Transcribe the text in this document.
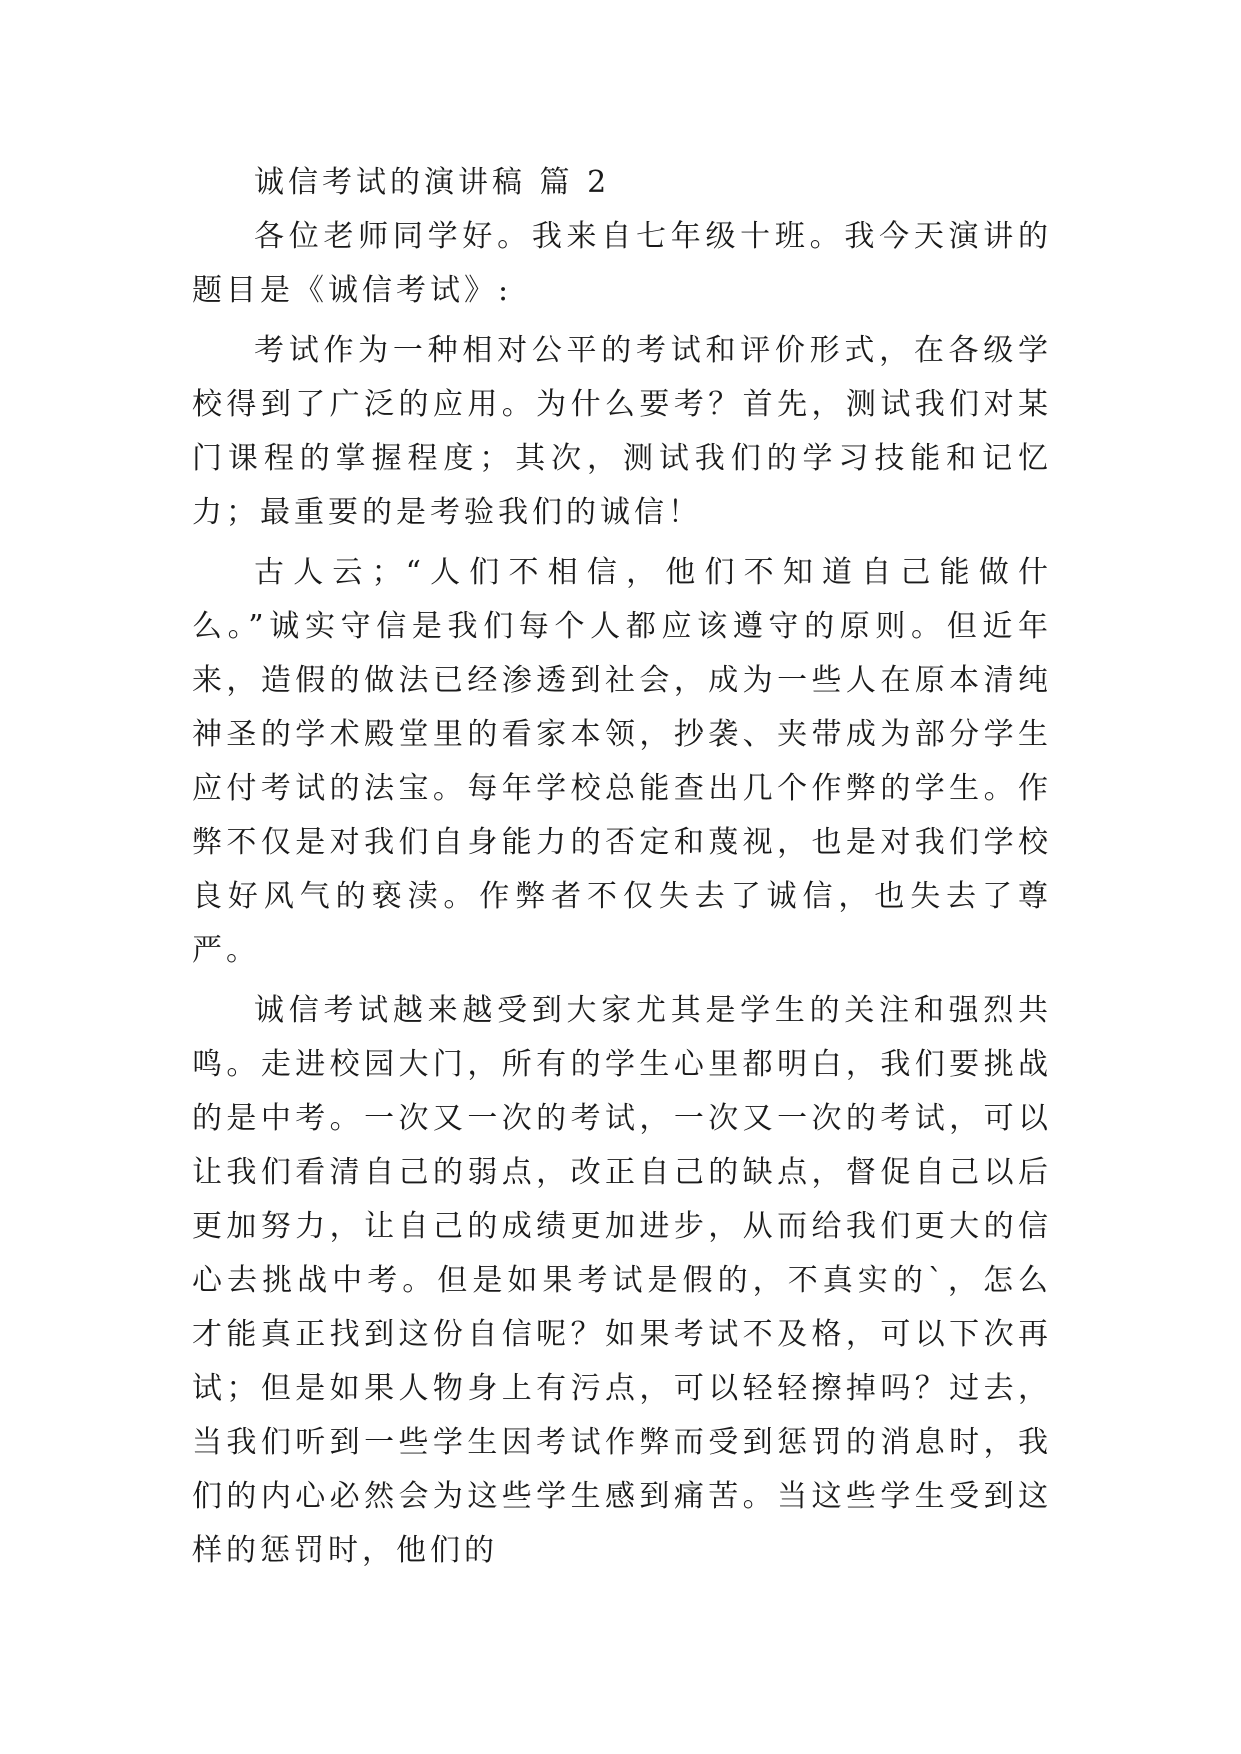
诚信考试的演讲稿 篇 2

各位老师同学好。我来自七年级十班。我今天演讲的题目是《诚信考试》:

考试作为一种相对公平的考试和评价形式，在各级学校得到了广泛的应用。为什么要考？首先，测试我们对某门课程的掌握程度；其次，测试我们的学习技能和记忆力；最重要的是考验我们的诚信！

古人云；“人们不相信，他们不知道自己能做什么。”诚实守信是我们每个人都应该遵守的原则。但近年来，造假的做法已经渗透到社会，成为一些人在原本清纯神圣的学术殿堂里的看家本领，抄袭、夹带成为部分学生应付考试的法宝。每年学校总能查出几个作弊的学生。作弊不仅是对我们自身能力的否定和蔑视，也是对我们学校良好风气的亵渎。作弊者不仅失去了诚信，也失去了尊严。

诚信考试越来越受到大家尤其是学生的关注和强烈共鸣。走进校园大门，所有的学生心里都明白，我们要挑战的是中考。一次又一次的考试，一次又一次的考试，可以让我们看清自己的弱点，改正自己的缺点，督促自己以后更加努力，让自己的成绩更加进步，从而给我们更大的信心去挑战中考。但是如果考试是假的，不真实的`，怎么才能真正找到这份自信呢？如果考试不及格，可以下次再试；但是如果人物身上有污点，可以轻轻擦掉吗？过去，当我们听到一些学生因考试作弊而受到惩罚的消息时，我们的内心必然会为这些学生感到痛苦。当这些学生受到这样的惩罚时，他们的
